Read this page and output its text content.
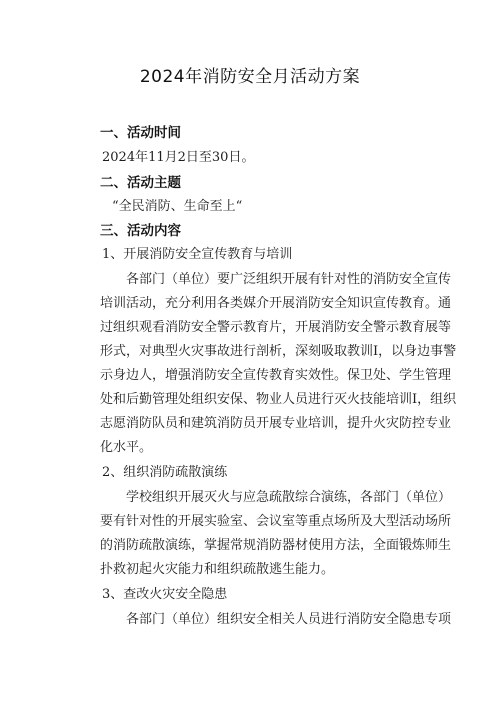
2024年消防安全月活动方案
一、活动时间
2024年11月2日至30日。
二、活动主题
“全民消防、生命至上“
三、活动内容
1、开展消防安全宣传教育与培训
各部门（单位）要广泛组织开展有针对性的消防安全宣传
培训活动，充分利用各类媒介开展消防安全知识宣传教育。通
过组织观看消防安全警示教育片，开展消防安全警示教育展等
形式，对典型火灾事故进行剖析，深刻吸取教训I，以身边事警
示身边人，增强消防安全宣传教育实效性。保卫处、学生管理
处和后勤管理处组织安保、物业人员进行灭火技能培训I，组织
志愿消防队员和建筑消防员开展专业培训，提升火灾防控专业
化水平。
2、组织消防疏散演练
学校组织开展灭火与应急疏散综合演练，各部门（单位）
要有针对性的开展实验室、会议室等重点场所及大型活动场所
的消防疏散演练，掌握常规消防器材使用方法，全面锻炼师生
扑救初起火灾能力和组织疏散逃生能力。
3、查改火灾安全隐患
各部门（单位）组织安全相关人员进行消防安全隐患专项
